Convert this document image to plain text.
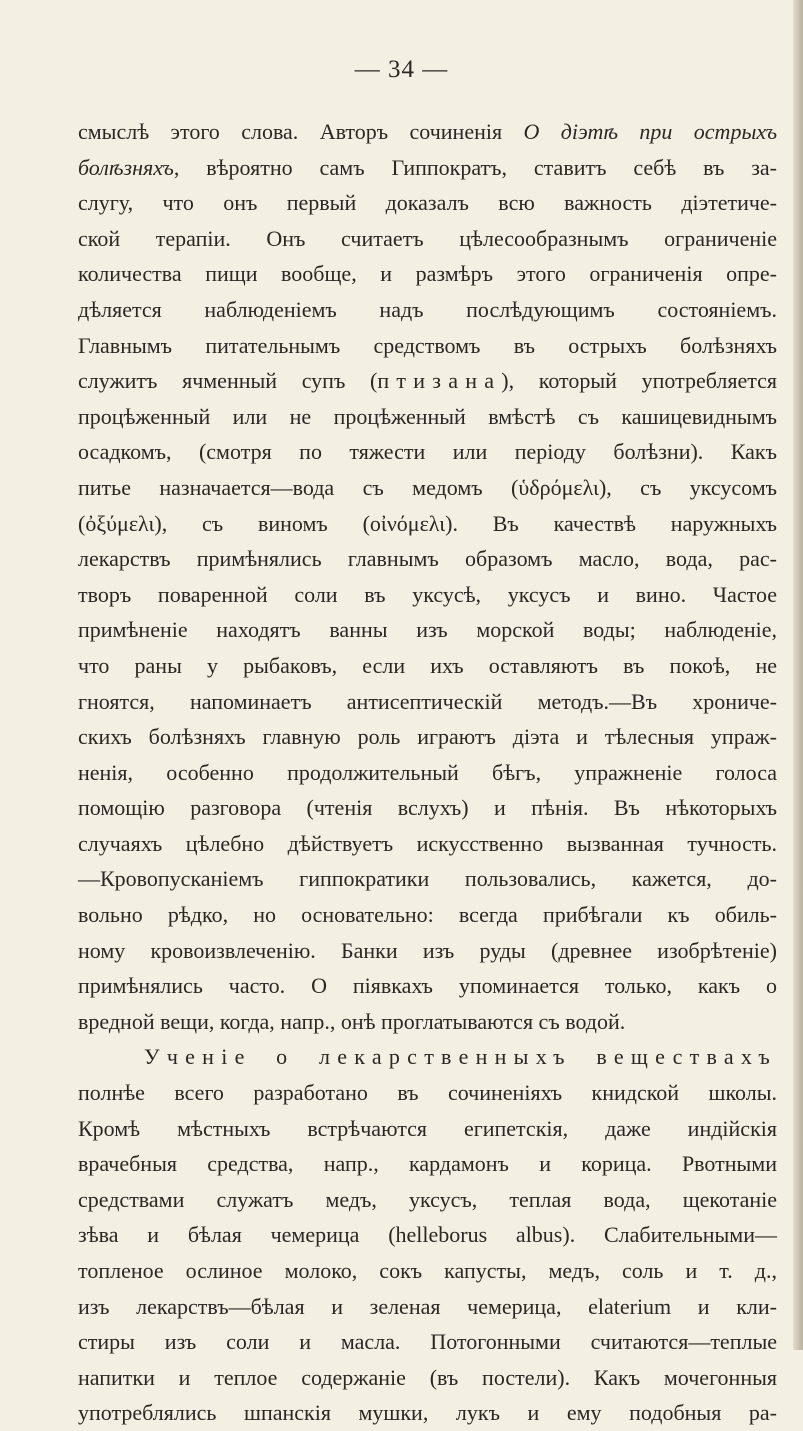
— 34 —
смыслѣ этого слова. Авторъ сочиненія О діэтѣ при острыхъ
болѣзняхъ, вѣроятно самъ Гиппократъ, ставитъ себѣ въ за-
слугу, что онъ первый доказалъ всю важность діэтетиче-
ской терапіи. Онъ считаетъ цѣлесообразнымъ ограниченіе
количества пищи вообще, и размѣръ этого ограниченія опре-
дѣляется наблюденіемъ надъ послѣдующимъ состояніемъ.
Главнымъ питательнымъ средствомъ въ острыхъ болѣзняхъ
служитъ ячменный супъ (птизана), который употребляется
процѣженный или не процѣженный вмѣстѣ съ кашицевиднымъ
осадкомъ, (смотря по тяжести или періоду болѣзни). Какъ
питье назначается—вода съ медомъ (ὑδρόμελι), съ уксусомъ
(ὀξύμελι), съ виномъ (οἰνόμελι). Въ качествѣ наружныхъ
лекарствъ примѣнялись главнымъ образомъ масло, вода, рас-
творъ поваренной соли въ уксусѣ, уксусъ и вино. Частое
примѣненіе находятъ ванны изъ морской воды; наблюденіе,
что раны у рыбаковъ, если ихъ оставляютъ въ покоѣ, не
гноятся, напоминаетъ антисептическій методъ.—Въ хрониче-
скихъ болѣзняхъ главную роль играютъ діэта и тѣлесныя упраж-
ненія, особенно продолжительный бѣгъ, упражненіе голоса
помощію разговора (чтенія вслухъ) и пѣнія. Въ нѣкоторыхъ
случаяхъ цѣлебно дѣйствуетъ искусственно вызванная тучность.
—Кровопусканіемъ гиппократики пользовались, кажется, до-
вольно рѣдко, но основательно: всегда прибѣгали къ обиль-
ному кровоизвлеченію. Банки изъ руды (древнее изобрѣтеніе)
примѣнялись часто. О піявкахъ упоминается только, какъ о
вредной вещи, когда, напр., онѣ проглатываются съ водой.
Ученіе о лекарственныхъ веществахъ
полнѣе всего разработано въ сочиненіяхъ книдской школы.
Кромѣ мѣстныхъ встрѣчаются египетскія, даже индійскія
врачебныя средства, напр., кардамонъ и корица. Рвотными
средствами служатъ медъ, уксусъ, теплая вода, щекотаніе
зѣва и бѣлая чемерица (helleborus albus). Слабительными—
топленое ослиное молоко, сокъ капусты, медъ, соль и т. д.,
изъ лекарствъ—бѣлая и зеленая чемерица, elaterium и кли-
стиры изъ соли и масла. Потогонными считаются—теплые
напитки и теплое содержаніе (въ постели). Какъ мочегонныя
употреблялись шпанскія мушки, лукъ и ему подобныя ра-
